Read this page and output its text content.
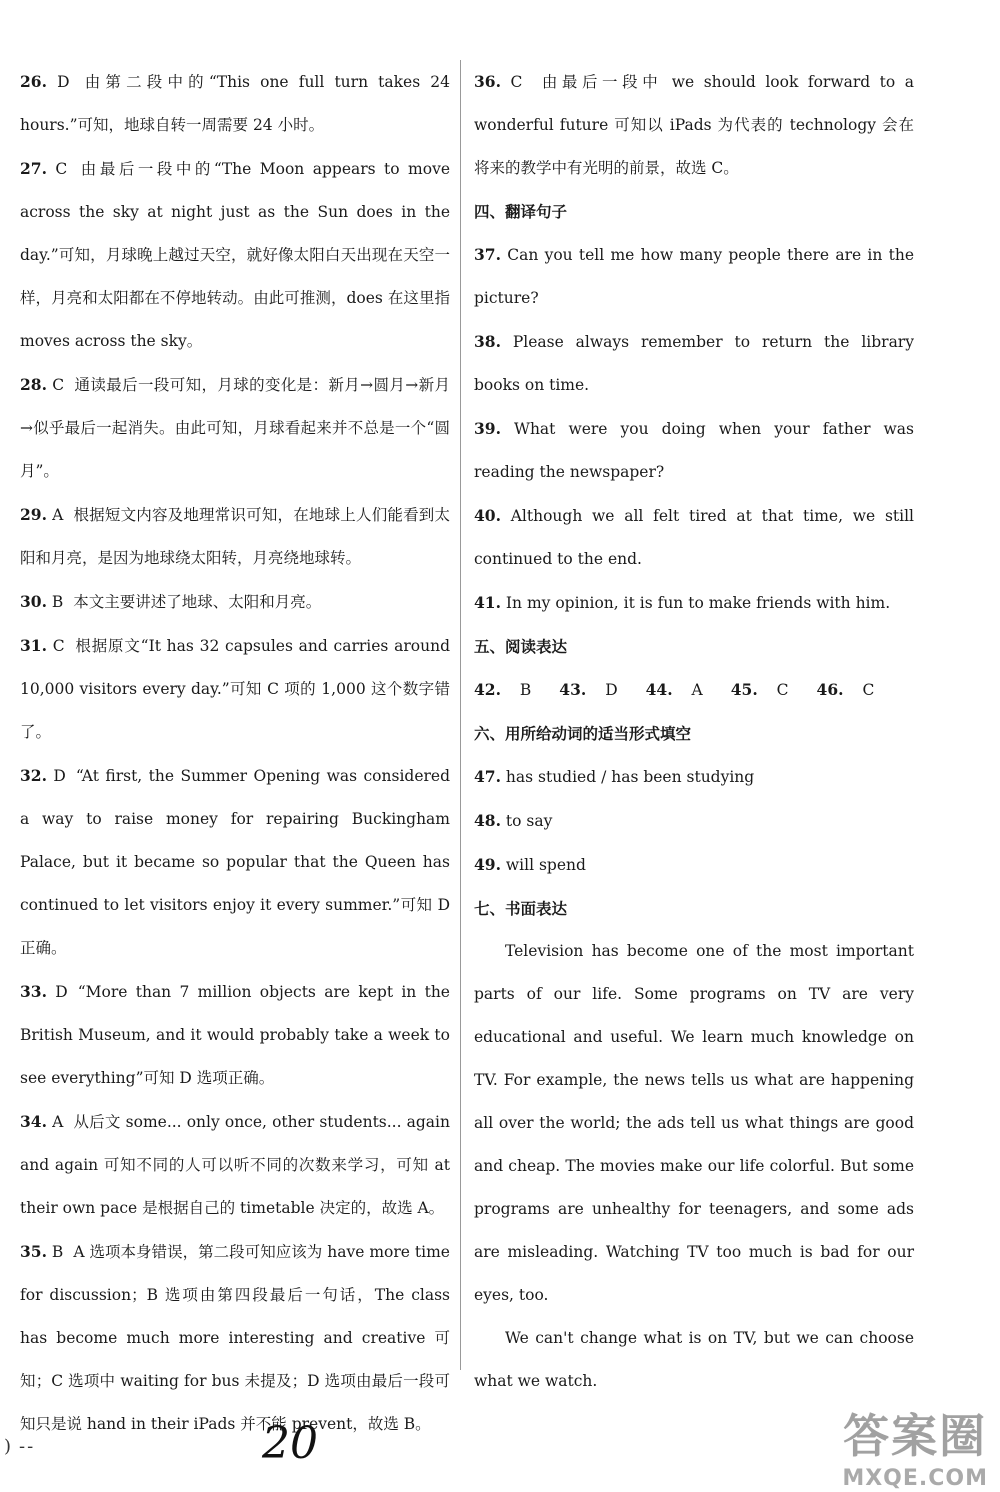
26. D 由第二段中的“This one full turn takes 24 hours.”可知，地球自转一周需要 24 小时。

27. C 由最后一段中的“The Moon appears to move across the sky at night just as the Sun does in the day.”可知，月球晚上越过天空，就好像太阳白天出现在天空一样，月亮和太阳都在不停地转动。由此可推测，does 在这里指 moves across the sky。

28. C 通读最后一段可知，月球的变化是：新月→圆月→新月→似乎最后一起消失。由此可知，月球看起来并不总是一个“圆月”。

29. A 根据短文内容及地理常识可知，在地球上人们能看到太阳和月亮，是因为地球绕太阳转，月亮绕地球转。

30. B 本文主要讲述了地球、太阳和月亮。

31. C 根据原文“It has 32 capsules and carries around 10,000 visitors every day.”可知 C 项的 1,000 这个数字错了。

32. D “At first, the Summer Opening was considered a way to raise money for repairing Buckingham Palace, but it became so popular that the Queen has continued to let visitors enjoy it every summer.”可知 D 正确。

33. D “More than 7 million objects are kept in the British Museum, and it would probably take a week to see everything”可知 D 选项正确。

34. A 从后文 some... only once, other students... again and again 可知不同的人可以听不同的次数来学习，可知 at their own pace 是根据自己的 timetable 决定的，故选 A。

35. B A 选项本身错误，第二段可知应该为 have more time for discussion；B 选项由第四段最后一句话，The class has become much more interesting and creative 可知；C 选项中 waiting for bus 未提及；D 选项由最后一段可知只是说 hand in their iPads 并不能 prevent，故选 B。

36. C 由最后一段中 we should look forward to a wonderful future 可知以 iPads 为代表的 technology 会在将来的教学中有光明的前景，故选 C。

四、翻译句子

37. Can you tell me how many people there are in the picture?

38. Please always remember to return the library books on time.

39. What were you doing when your father was reading the newspaper?

40. Although we all felt tired at that time, we still continued to the end.

41. In my opinion, it is fun to make friends with him.

五、阅读表达

42. B 43. D 44. A 45. C 46. C

六、用所给动词的适当形式填空

47. has studied / has been studying

48. to say

49. will spend

七、书面表达

Television has become one of the most important parts of our life. Some programs on TV are very educational and useful. We learn much knowledge on TV. For example, the news tells us what are happening all over the world; the ads tell us what things are good and cheap. The movies make our life colorful. But some programs are unhealthy for teenagers, and some ads are misleading. Watching TV too much is bad for our eyes, too.

We can't change what is on TV, but we can choose what we watch.

) --	20	答案圈
MXQE.COM
